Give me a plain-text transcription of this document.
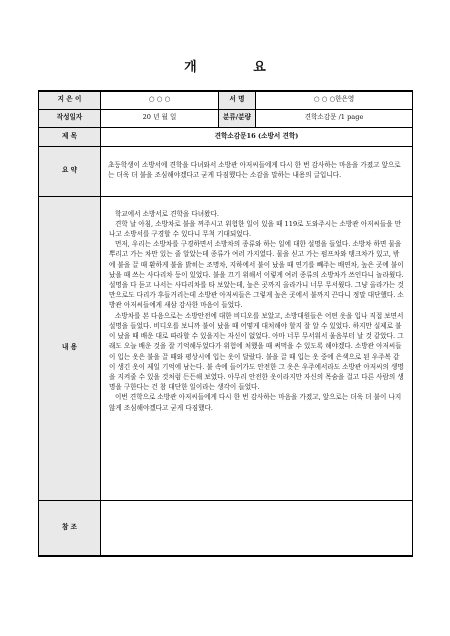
개 요
지 은 이	○ ○ ○	서 명	○ ○ ○한은영
작성일자	20 년 월 일	분류/분량	견학소감문 /1 page
제 목	견학소감문16 (소방서 견학)		
요 약	초등학생이 소방서에 견학을 다녀와서 소방관 아저씨들에게 다시 한 번 감사하는 마음을 가졌고 앞으로는 더욱 더 불을 조심해야겠다고 굳게 다짐했다는 소감을 말하는 내용의 글입니다.		
내 용	학교에서 소방서로 견학을 다녀왔다.

견학 날 아침, 소방차로 불을 꺼주시고 위험한 일이 있을 때 119로 도와주시는 소방관 아저씨들을 만나고 소방서를 구경할 수 있다니 무척 기대되었다.

먼저, 우리는 소방차를 구경하면서 소방차의 종류와 하는 일에 대한 설명을 들었다. 소방차 하면 물을 뿌리고 가는 차만 있는 줄 알았는데 종류가 여러 가지였다. 물을 싣고 가는 펌프차와 탱크차가 있고, 밖에 불을 끌 때 환하게 불을 밝히는 조명차, 지하에서 불이 났을 때 연기를 빼주는 배연차, 높은 곳에 불이 났을 때 쓰는 사다리차 등이 있었다. 불을 끄기 위해서 이렇게 여러 종류의 소방차가 쓰인다니 놀라웠다. 설명을 다 듣고 나서는 사다리차를 타 보았는데, 높은 곳까지 올라가니 너무 무서웠다. 그냥 올라가는 것만으로도 다리가 후들거리는데 소방관 아저씨들은 그렇게 높은 곳에서 불까지 끈다니 정말 대단했다. 소방관 아저씨들에게 새삼 감사한 마음이 들었다.

소방차를 본 다음으로는 소방안전에 대한 비디오를 보았고, 소방대원들은 어떤 옷을 입나 직접 보면서 설명을 들었다. 비디오를 보니까 불이 났을 때 어떻게 대처해야 할지 잘 알 수 있었다. 하지만 실제로 불이 났을 때 배운 대로 따라할 수 있을지는 자신이 없었다. 아마 너무 무서워서 울음부터 날 것 같았다. 그래도 오늘 배운 것을 잘 기억해두었다가 위험에 처했을 때 써먹을 수 있도록 해야겠다. 소방관 아저씨들이 입는 옷은 불을 끌 때와 평상시에 입는 옷이 달랐다. 불을 끌 때 입는 옷 중에 은색으로 된 우주복 같이 생긴 옷이 제일 기억에 남는다. 불 속에 들어가도 안전한 그 옷은 우주에서라도 소방관 아저씨의 생명을 지켜줄 수 있을 것처럼 든든해 보였다. 아무리 안전한 옷이라지만 자신의 목숨을 걸고 다른 사람의 생명을 구한다는 건 참 대단한 일이라는 생각이 들었다.

이번 견학으로 소방관 아저씨들에게 다시 한 번 감사하는 마음을 가졌고, 앞으로는 더욱 더 불이 나지 않게 조심해야겠다고 굳게 다짐했다.		

참 조			
